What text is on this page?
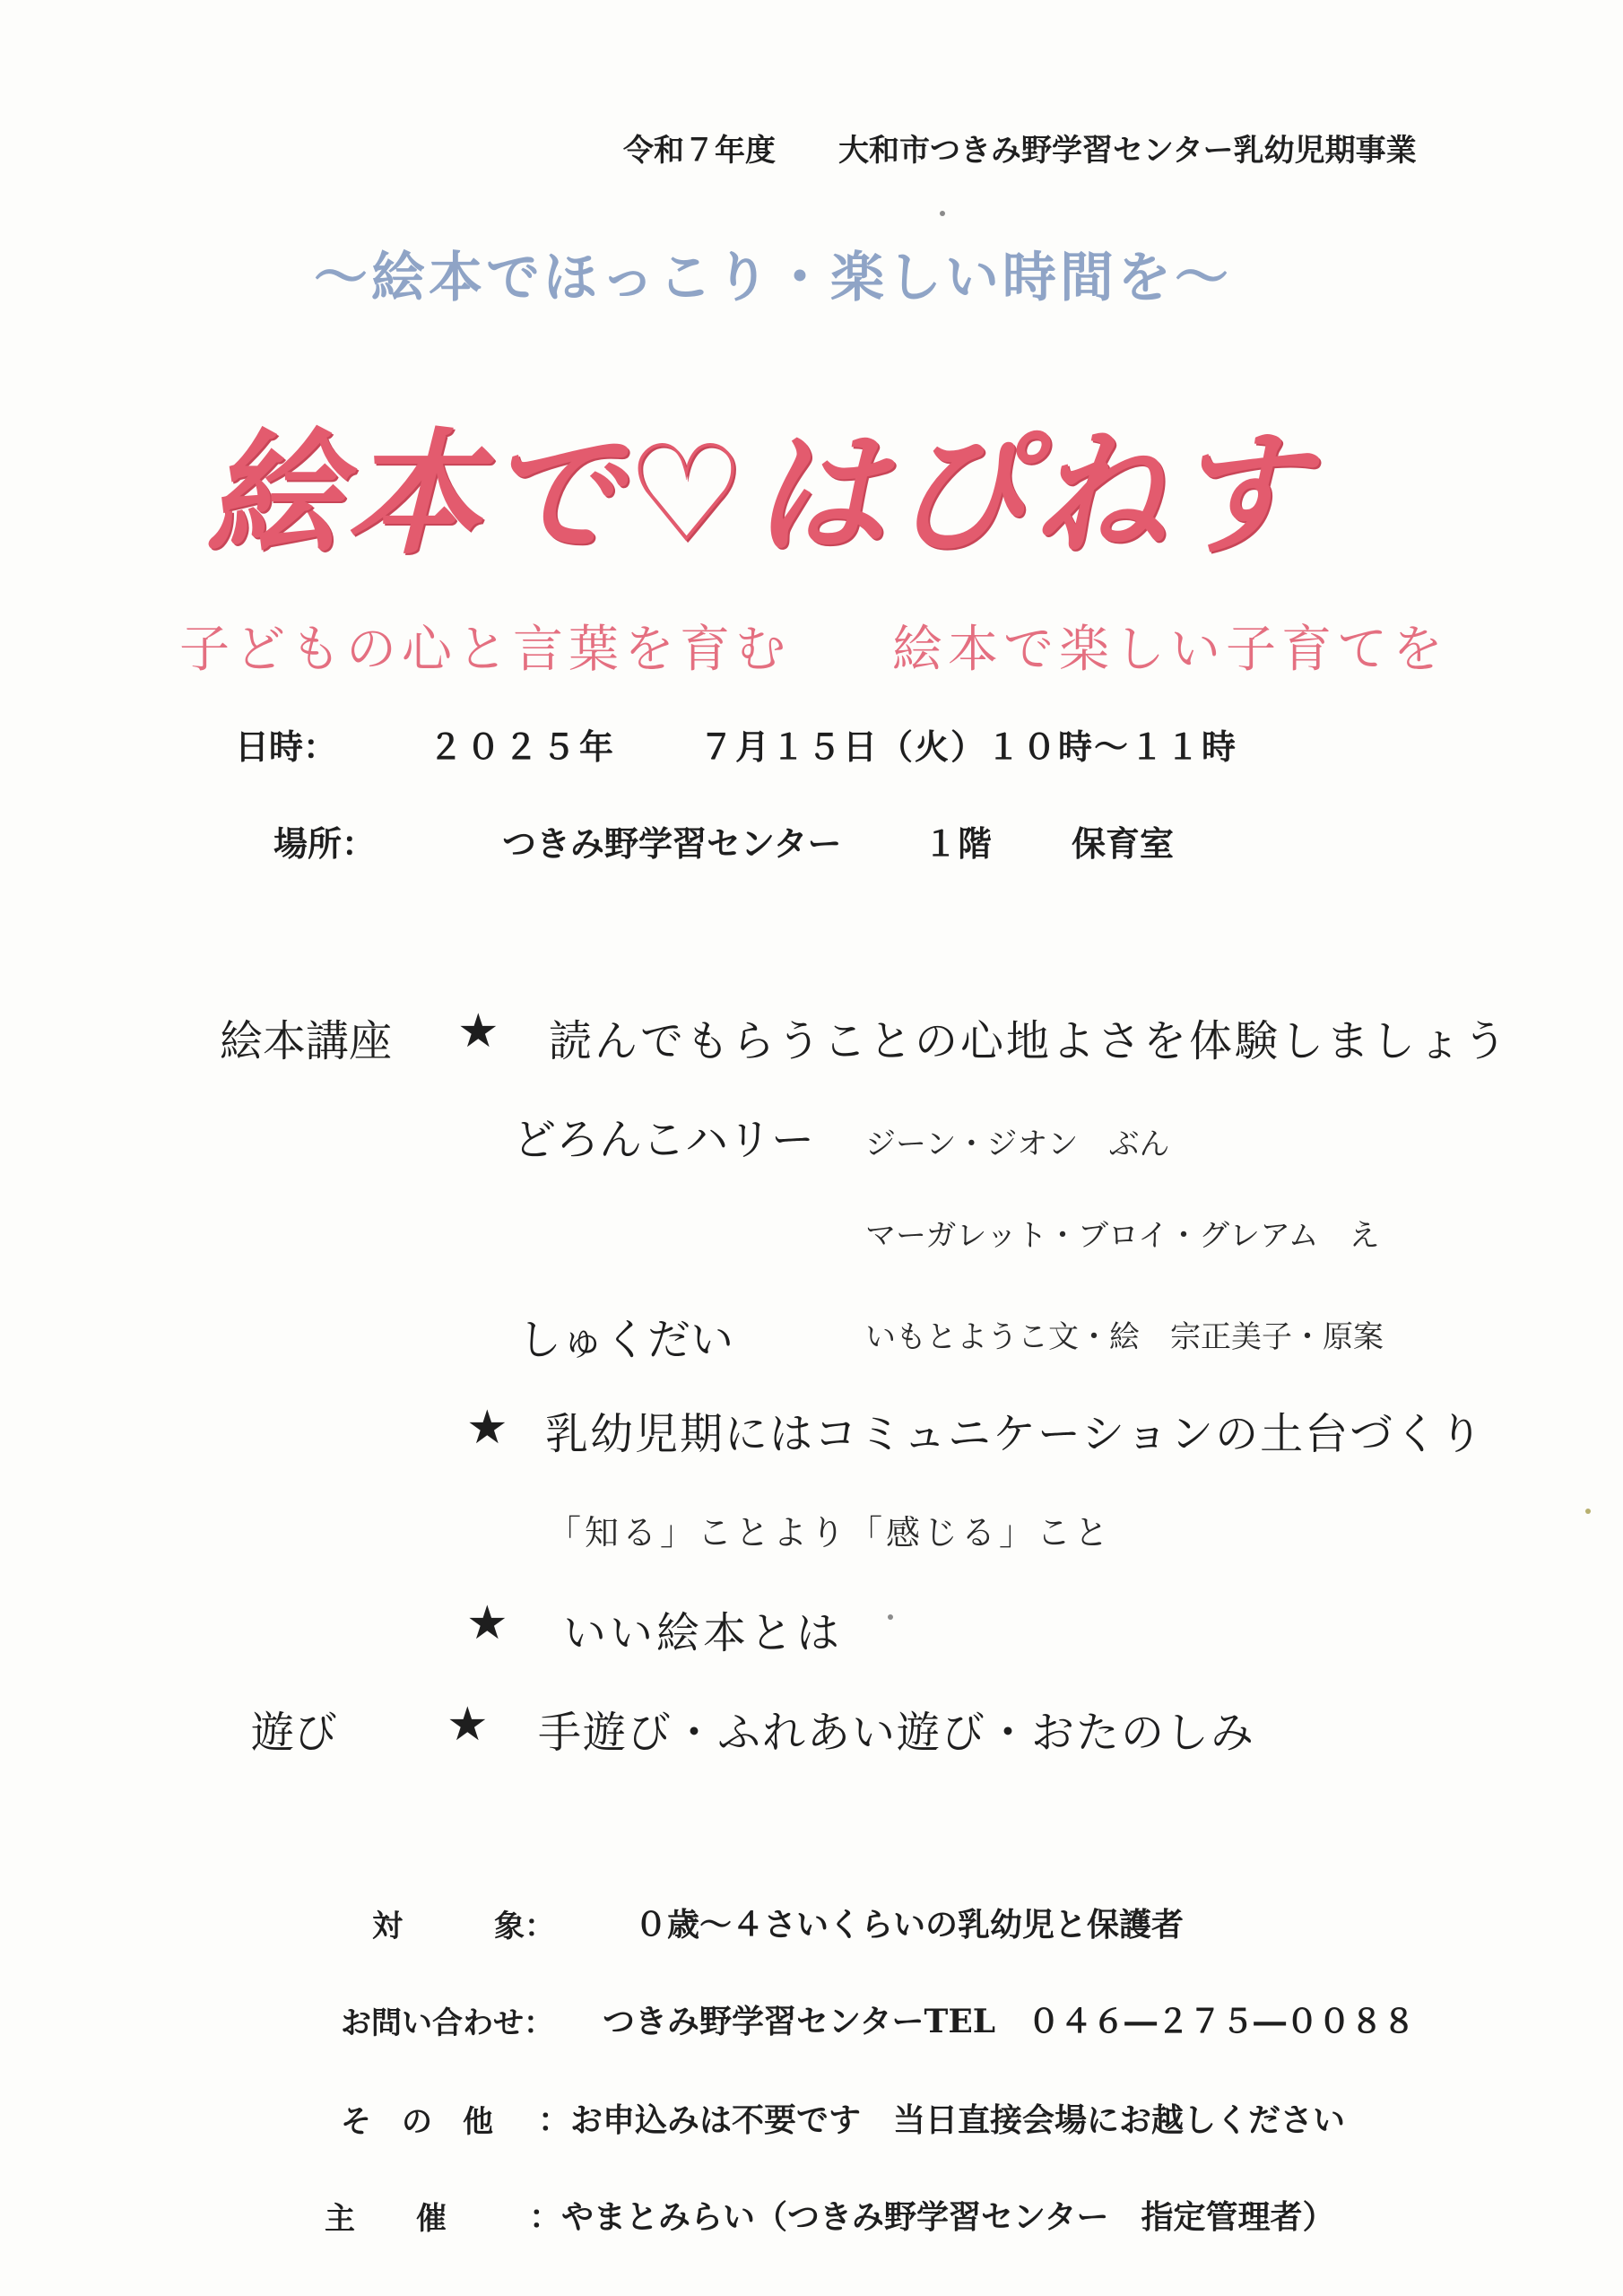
令和７年度 大和市つきみ野学習センター乳幼児期事業
〜絵本でほっこり・楽しい時間を〜
絵本で♡はぴねす
子どもの心と言葉を育む 絵本で楽しい子育てを
日時：	２０２５年 ７月１５日（火）１０時〜１１時
場所：	つきみ野学習センター １階 保育室
絵本講座 ★ 読んでもらうことの心地よさを体験しましょう
どろんこハリー ジーン・ジオン　ぶん
マーガレット・ブロイ・グレアム　え
しゅくだい	いもとようこ文・絵　宗正美子・原案
★ 乳幼児期にはコミュニケーションの土台づくり
「知る」ことより「感じる」こと
★ いい絵本とは
遊び ★ 手遊び・ふれあい遊び・おたのしみ
対　　　象： ０歳〜４さいくらいの乳幼児と保護者
お問い合わせ： つきみ野学習センターTEL　０４６―２７５―００８８
そ　の　他 ：お申込みは不要です　当日直接会場にお越しください
主　　催	：やまとみらい（つきみ野学習センター　指定管理者）
